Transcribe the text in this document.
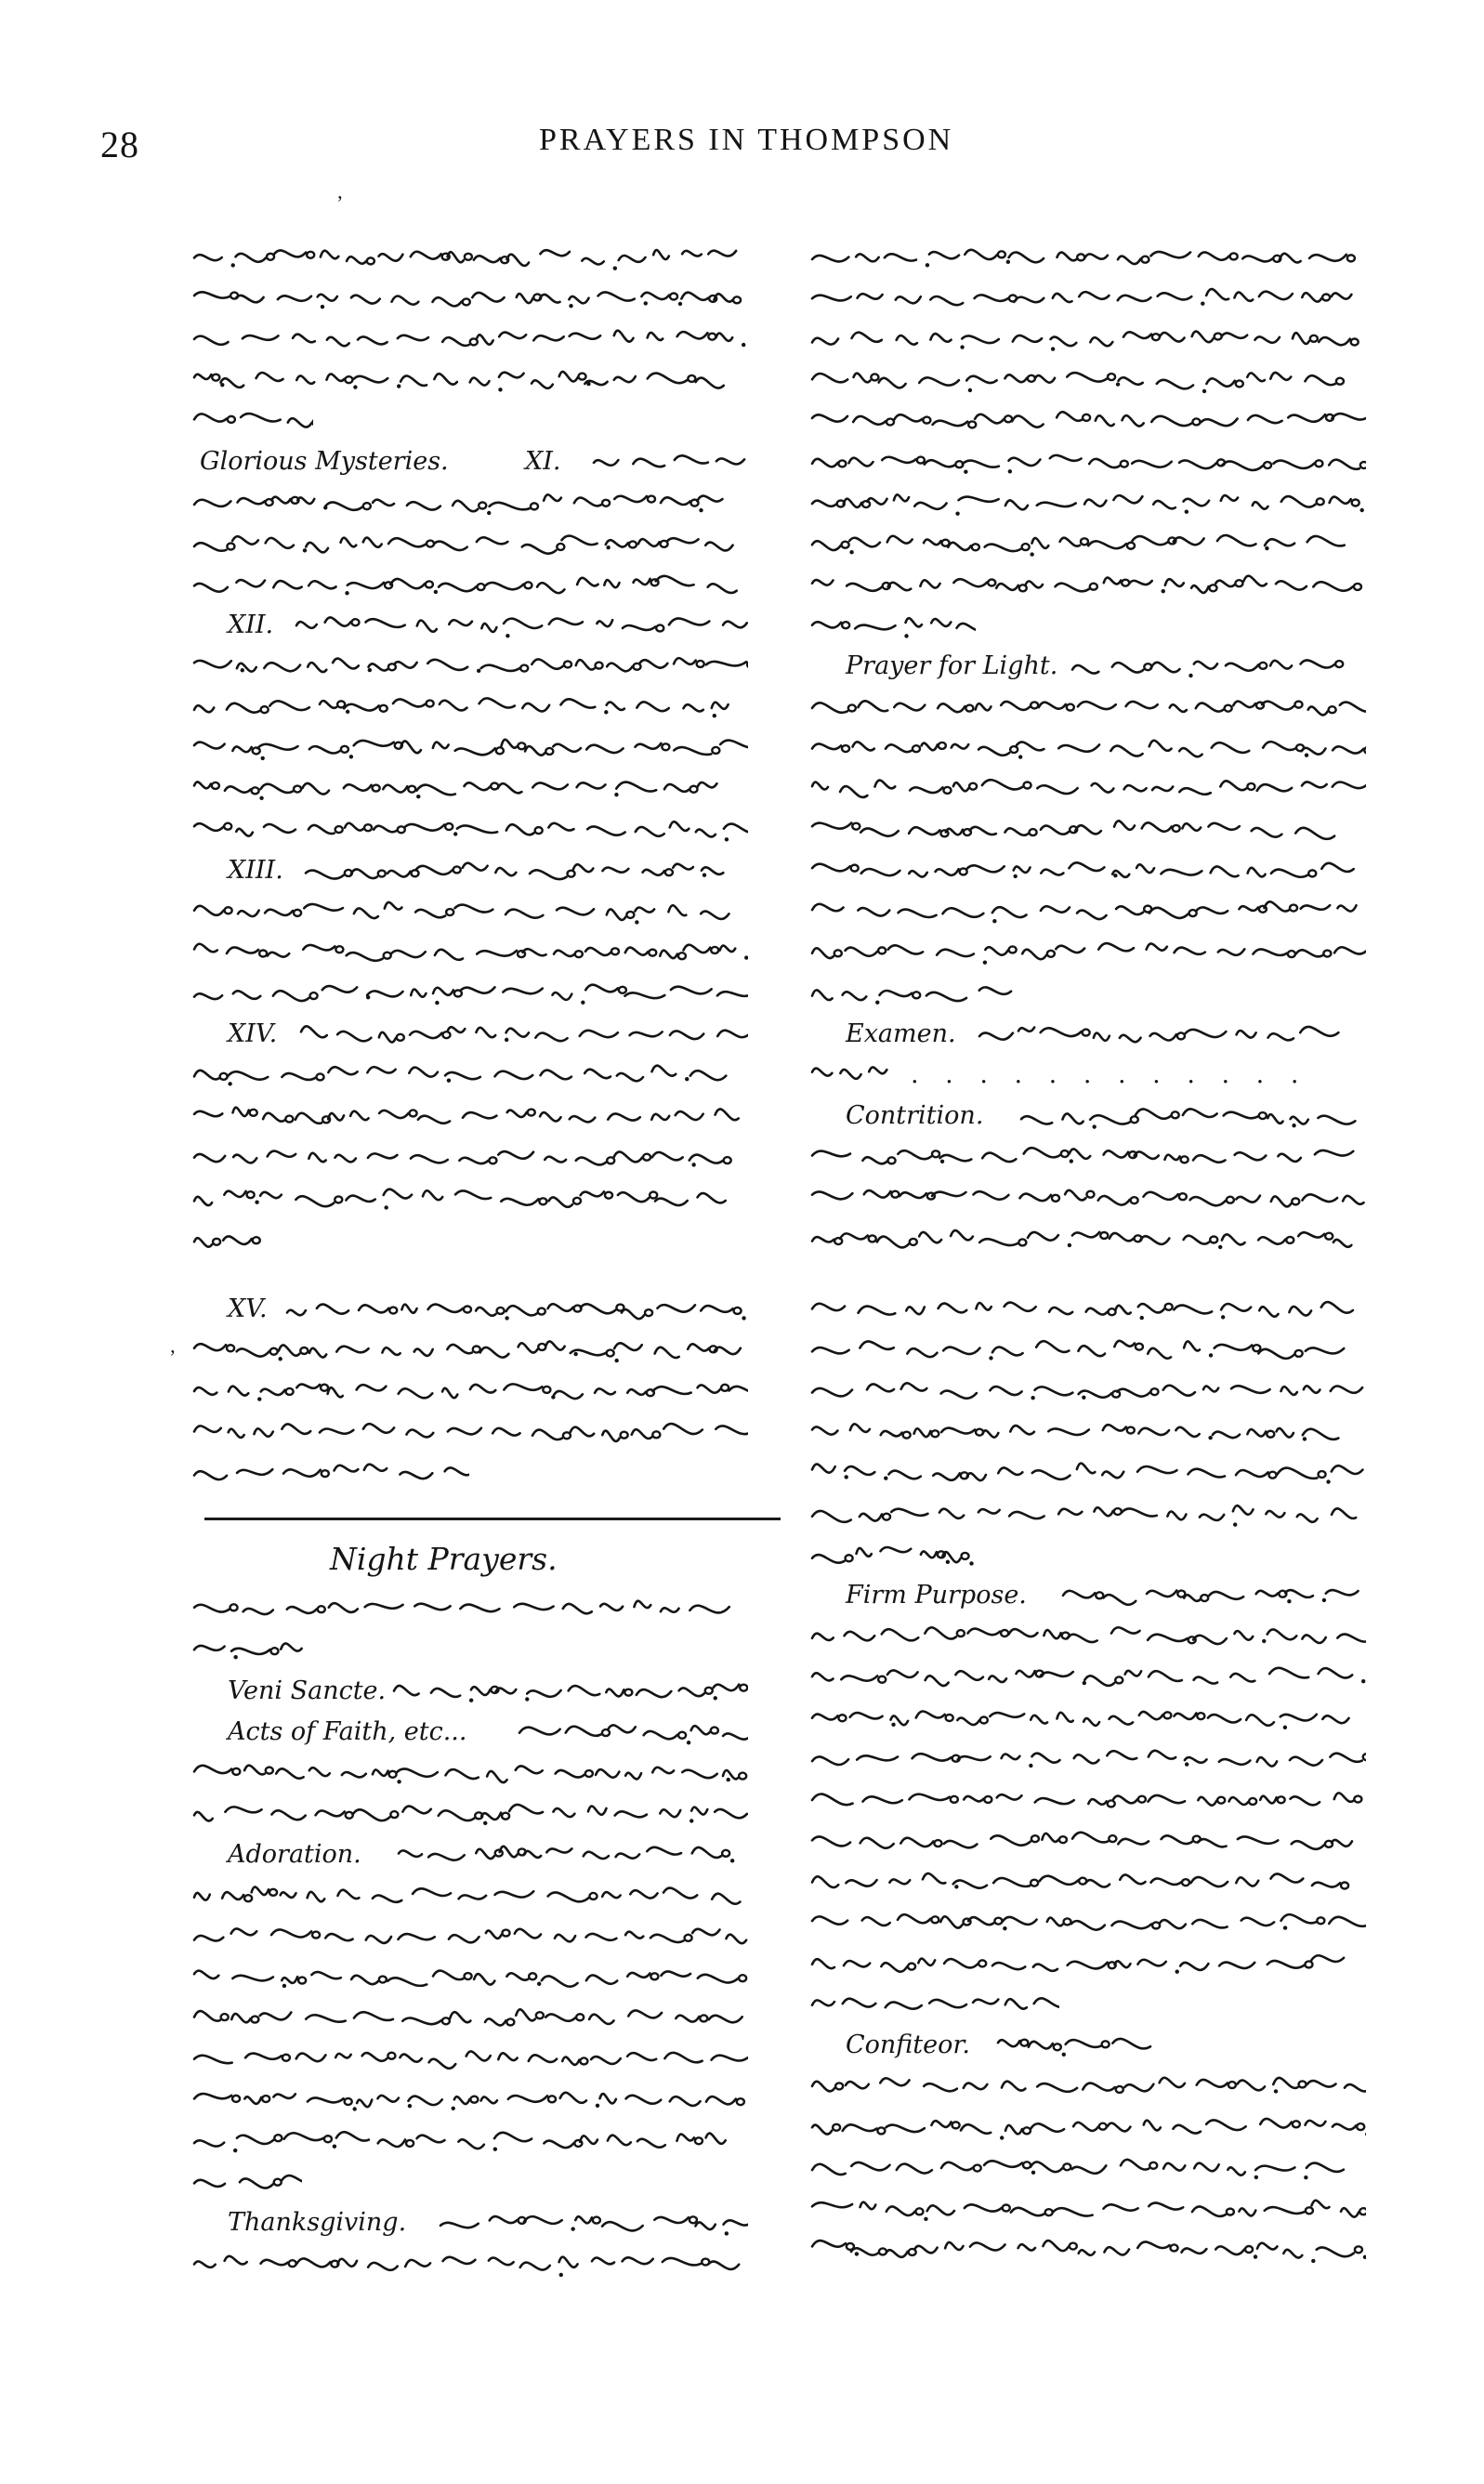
28	PRAYERS IN THOMPSON
ʼ
ʼ
Glorious Mysteries.	XI.
XII.
XIII.
XIV.
XV.
Night Prayers.
Veni Sancte.
Acts of Faith, etc...
Adoration.
Thanksgiving.
Prayer for Light.
Examen.
. . . . . . . . . . . .
Contrition.
Firm Purpose.
Confiteor.
